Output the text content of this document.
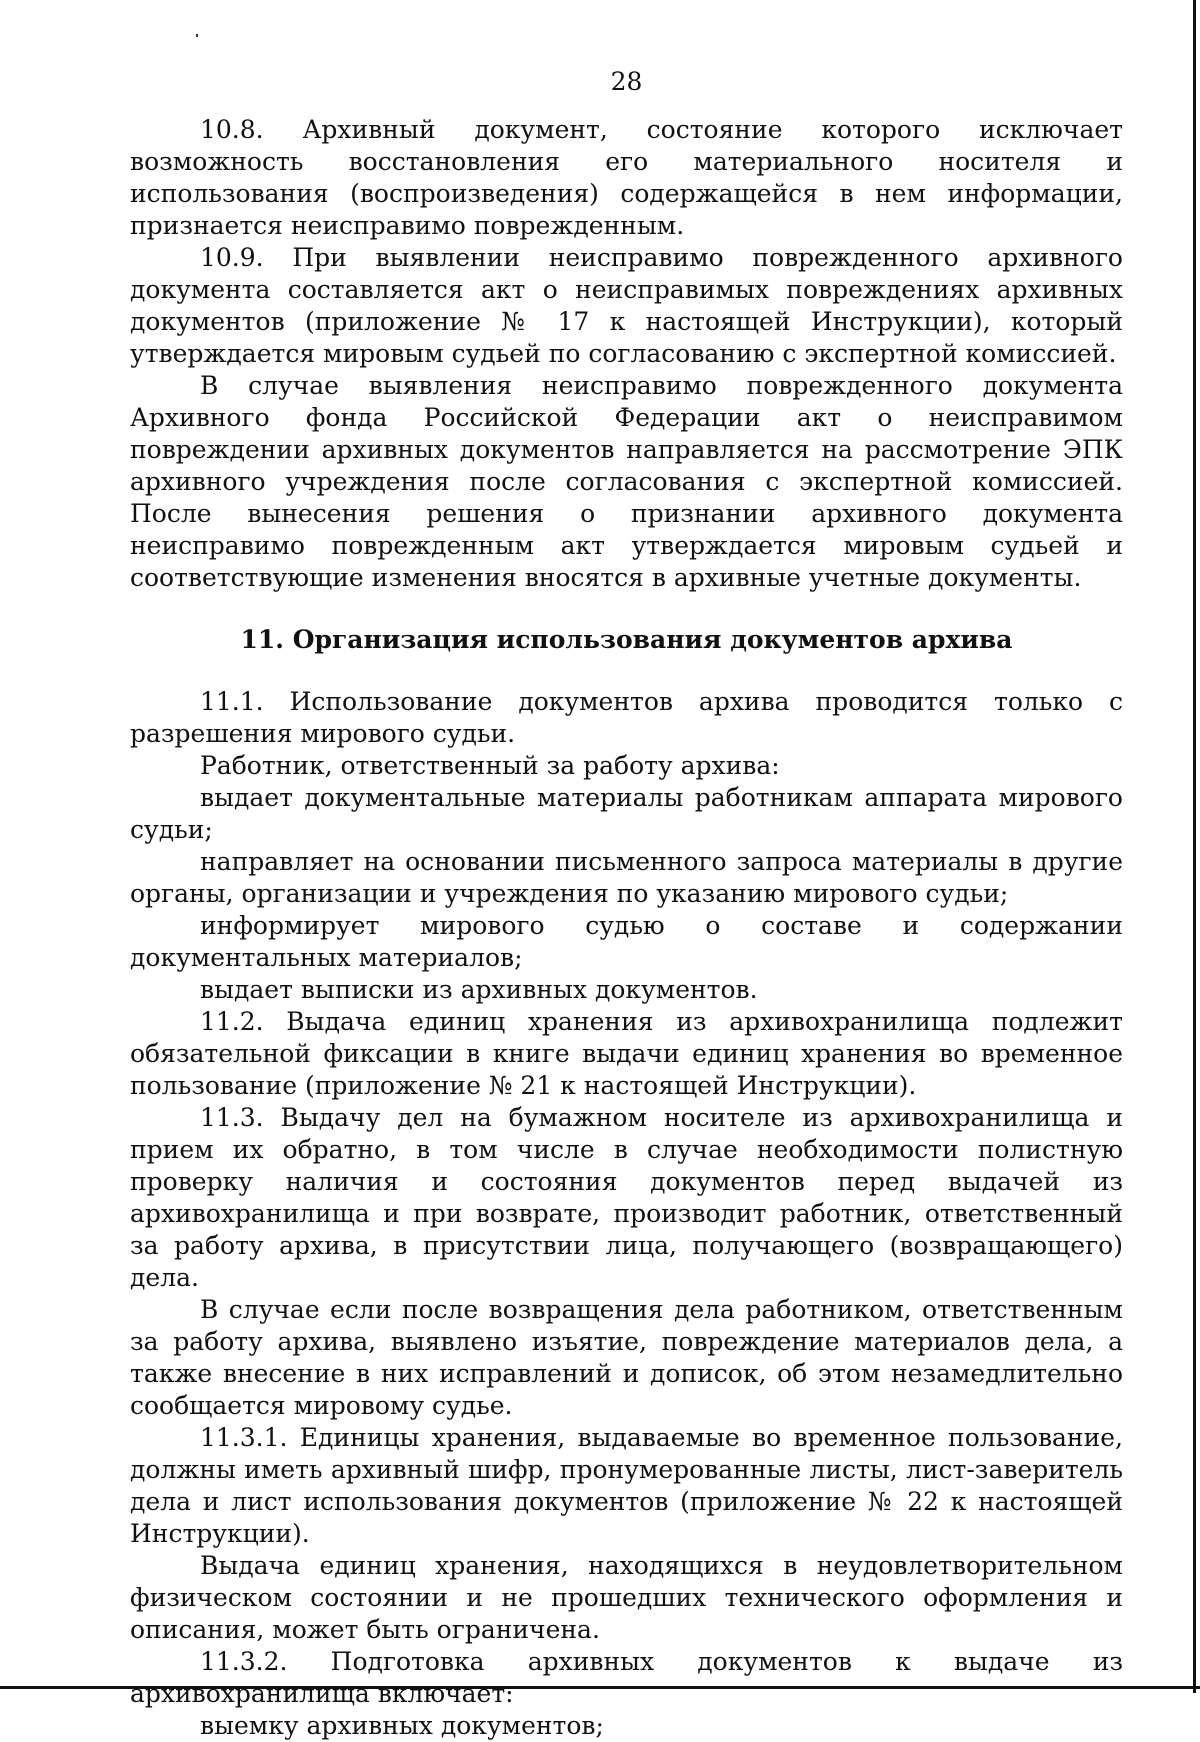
28

10.8. Архивный документ, состояние которого исключает возможность восстановления его материального носителя и использования (воспроизведения) содержащейся в нем информации, признается неисправимо поврежденным.

10.9. При выявлении неисправимо поврежденного архивного документа составляется акт о неисправимых повреждениях архивных документов (приложение № 17 к настоящей Инструкции), который утверждается мировым судьей по согласованию с экспертной комиссией.

В случае выявления неисправимо поврежденного документа Архивного фонда Российской Федерации акт о неисправимом повреждении архивных документов направляется на рассмотрение ЭПК архивного учреждения после согласования с экспертной комиссией. После вынесения решения о признании архивного документа неисправимо поврежденным акт утверждается мировым судьей и соответствующие изменения вносятся в архивные учетные документы.

11. Организация использования документов архива

11.1. Использование документов архива проводится только с разрешения мирового судьи.

Работник, ответственный за работу архива:

выдает документальные материалы работникам аппарата мирового судьи;

направляет на основании письменного запроса материалы в другие органы, организации и учреждения по указанию мирового судьи;

информирует мирового судью о составе и содержании документальных материалов;

выдает выписки из архивных документов.

11.2. Выдача единиц хранения из архивохранилища подлежит обязательной фиксации в книге выдачи единиц хранения во временное пользование (приложение № 21 к настоящей Инструкции).

11.3. Выдачу дел на бумажном носителе из архивохранилища и прием их обратно, в том числе в случае необходимости полистную проверку наличия и состояния документов перед выдачей из архивохранилища и при возврате, производит работник, ответственный за работу архива, в присутствии лица, получающего (возвращающего) дела.

В случае если после возвращения дела работником, ответственным за работу архива, выявлено изъятие, повреждение материалов дела, а также внесение в них исправлений и дописок, об этом незамедлительно сообщается мировому судье.

11.3.1. Единицы хранения, выдаваемые во временное пользование, должны иметь архивный шифр, пронумерованные листы, лист-заверитель дела и лист использования документов (приложение № 22 к настоящей Инструкции).

Выдача единиц хранения, находящихся в неудовлетворительном физическом состоянии и не прошедших технического оформления и описания, может быть ограничена.

11.3.2. Подготовка архивных документов к выдаче из архивохранилища включает:

выемку архивных документов;
